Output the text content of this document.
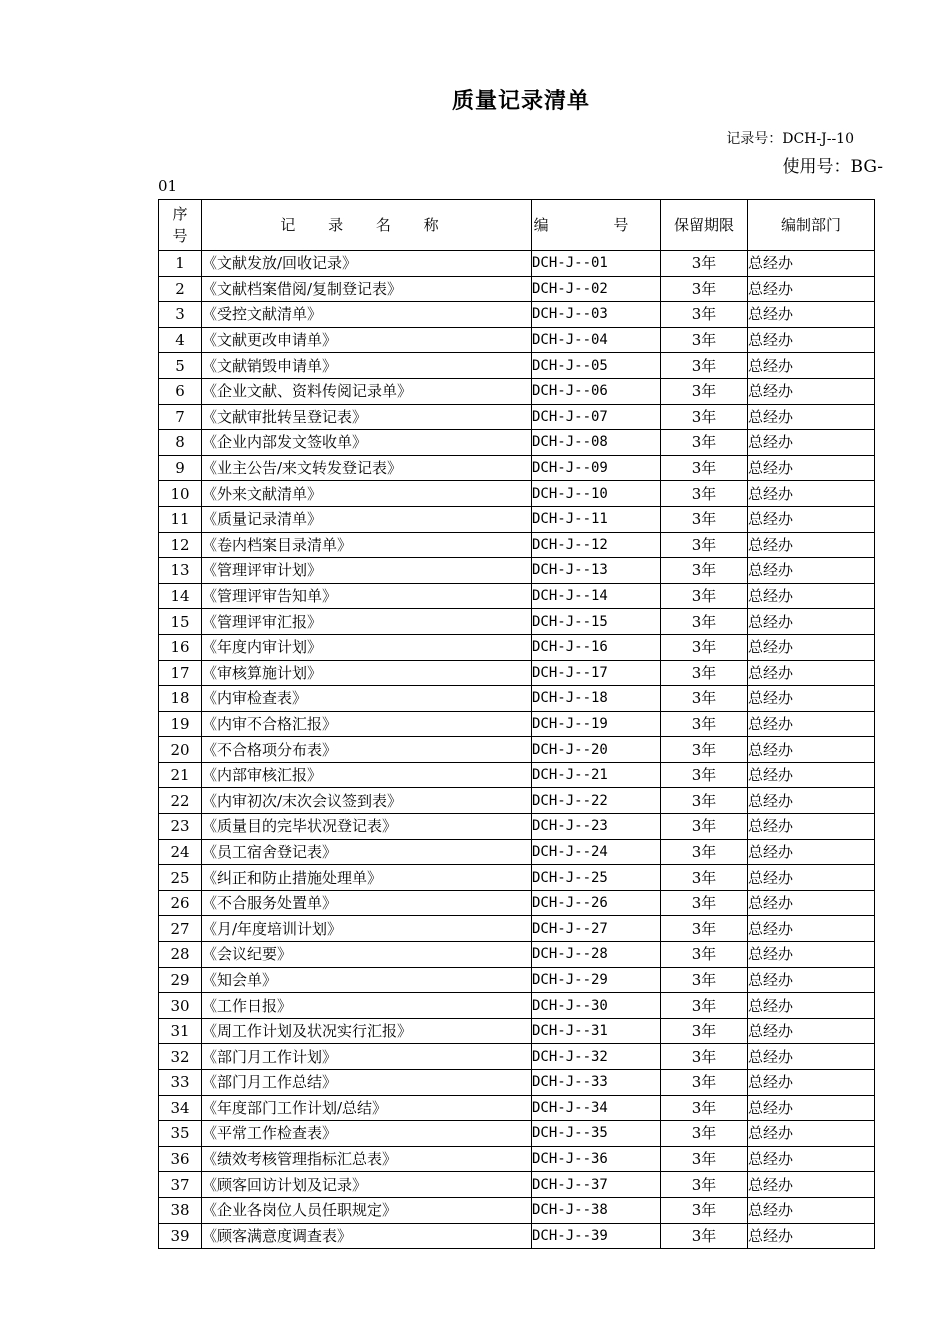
质量记录清单
记录号：DCH-J--10
使用号：BG-
01
序
号	记 录 名 称	编 号	保留期限	编制部门
1	《文献发放/回收记录》	DCH-J--01	3年	总经办
2	《文献档案借阅/复制登记表》	DCH-J--02	3年	总经办
3	《受控文献清单》	DCH-J--03	3年	总经办
4	《文献更改申请单》	DCH-J--04	3年	总经办
5	《文献销毁申请单》	DCH-J--05	3年	总经办
6	《企业文献、资料传阅记录单》	DCH-J--06	3年	总经办
7	《文献审批转呈登记表》	DCH-J--07	3年	总经办
8	《企业内部发文签收单》	DCH-J--08	3年	总经办
9	《业主公告/来文转发登记表》	DCH-J--09	3年	总经办
10	《外来文献清单》	DCH-J--10	3年	总经办
11	《质量记录清单》	DCH-J--11	3年	总经办
12	《卷内档案目录清单》	DCH-J--12	3年	总经办
13	《管理评审计划》	DCH-J--13	3年	总经办
14	《管理评审告知单》	DCH-J--14	3年	总经办
15	《管理评审汇报》	DCH-J--15	3年	总经办
16	《年度内审计划》	DCH-J--16	3年	总经办
17	《审核算施计划》	DCH-J--17	3年	总经办
18	《内审检查表》	DCH-J--18	3年	总经办
19	《内审不合格汇报》	DCH-J--19	3年	总经办
20	《不合格项分布表》	DCH-J--20	3年	总经办
21	《内部审核汇报》	DCH-J--21	3年	总经办
22	《内审初次/末次会议签到表》	DCH-J--22	3年	总经办
23	《质量目的完毕状况登记表》	DCH-J--23	3年	总经办
24	《员工宿舍登记表》	DCH-J--24	3年	总经办
25	《纠正和防止措施处理单》	DCH-J--25	3年	总经办
26	《不合服务处置单》	DCH-J--26	3年	总经办
27	《月/年度培训计划》	DCH-J--27	3年	总经办
28	《会议纪要》	DCH-J--28	3年	总经办
29	《知会单》	DCH-J--29	3年	总经办
30	《工作日报》	DCH-J--30	3年	总经办
31	《周工作计划及状况实行汇报》	DCH-J--31	3年	总经办
32	《部门月工作计划》	DCH-J--32	3年	总经办
33	《部门月工作总结》	DCH-J--33	3年	总经办
34	《年度部门工作计划/总结》	DCH-J--34	3年	总经办
35	《平常工作检查表》	DCH-J--35	3年	总经办
36	《绩效考核管理指标汇总表》	DCH-J--36	3年	总经办
37	《顾客回访计划及记录》	DCH-J--37	3年	总经办
38	《企业各岗位人员任职规定》	DCH-J--38	3年	总经办
39	《顾客满意度调查表》	DCH-J--39	3年	总经办
